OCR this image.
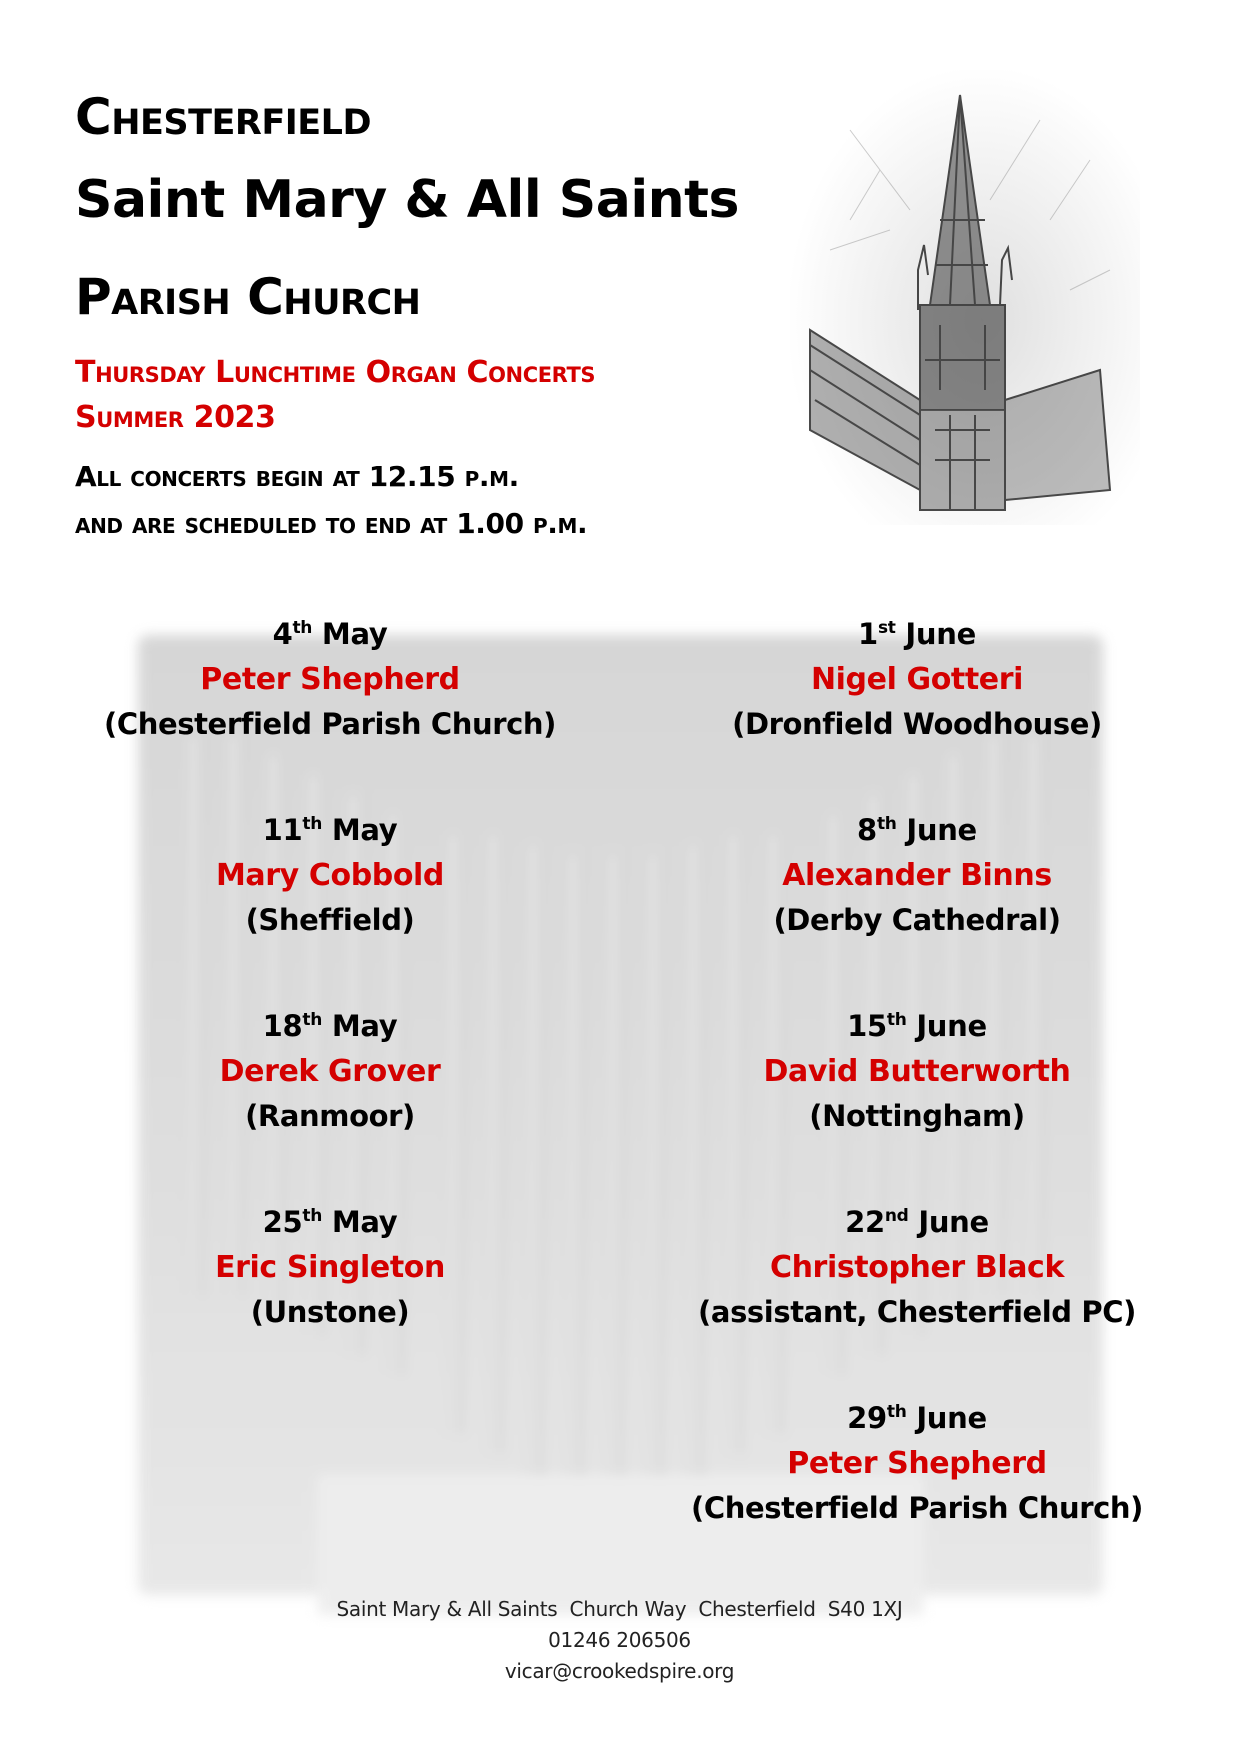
Chesterfield
Saint Mary & All Saints
Parish Church

Thursday Lunchtime Organ Concerts

Summer 2023

All concerts begin at 12.15 p.m.

and are scheduled to end at 1.00 p.m.

4th May

Peter Shepherd

(Chesterfield Parish Church)

11th May

Mary Cobbold

(Sheffield)

18th May

Derek Grover

(Ranmoor)

25th May

Eric Singleton

(Unstone)

1st June

Nigel Gotteri

(Dronfield Woodhouse)

8th June

Alexander Binns

(Derby Cathedral)

15th June

David Butterworth

(Nottingham)

22nd June

Christopher Black

(assistant, Chesterfield PC)

29th June

Peter Shepherd

(Chesterfield Parish Church)

Saint Mary & All Saints  Church Way  Chesterfield  S40 1XJ

01246 206506

vicar@crookedspire.org
